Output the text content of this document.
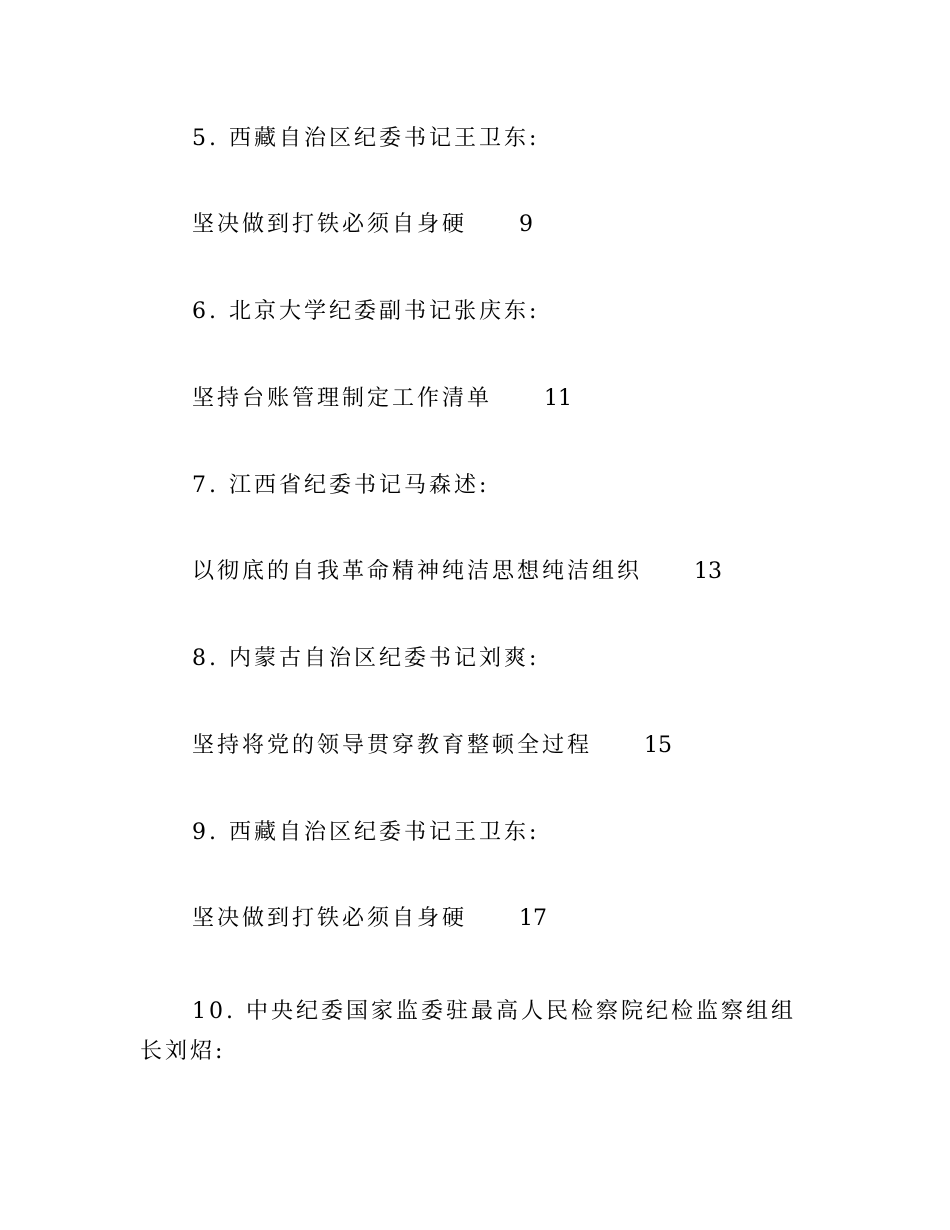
5. 西藏自治区纪委书记王卫东:
坚决做到打铁必须自身硬 9
6. 北京大学纪委副书记张庆东:
坚持台账管理制定工作清单 11
7. 江西省纪委书记马森述:
以彻底的自我革命精神纯洁思想纯洁组织 13
8. 内蒙古自治区纪委书记刘爽:
坚持将党的领导贯穿教育整顿全过程 15
9. 西藏自治区纪委书记王卫东:
坚决做到打铁必须自身硬 17
10. 中央纪委国家监委驻最高人民检察院纪检监察组组长刘炤:
